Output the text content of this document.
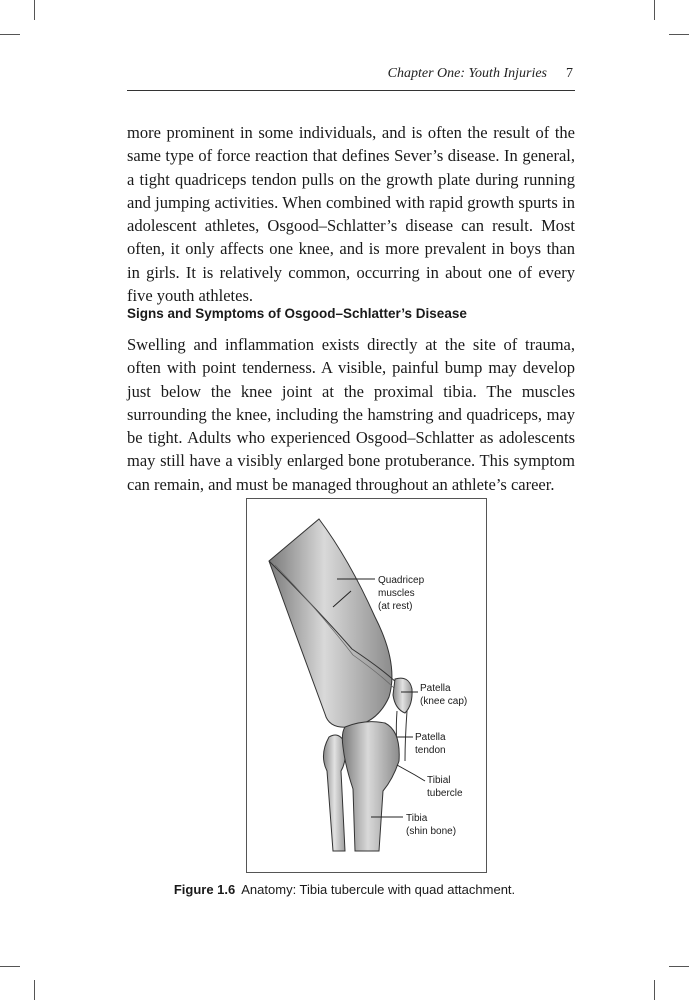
Chapter One: Youth Injuries 7

more prominent in some individuals, and is often the result of the same type of force reaction that defines Sever’s disease. In general, a tight quadriceps tendon pulls on the growth plate during running and jumping activities. When combined with rapid growth spurts in adolescent athletes, Osgood–Schlatter’s disease can result. Most often, it only affects one knee, and is more prevalent in boys than in girls. It is relatively common, occurring in about one of every five youth athletes.

Signs and Symptoms of Osgood–Schlatter’s Disease

Swelling and inflammation exists directly at the site of trauma, often with point tenderness. A visible, painful bump may develop just below the knee joint at the proximal tibia. The muscles surrounding the knee, including the hamstring and quadriceps, may be tight. Adults who experienced Osgood–Schlatter as adolescents may still have a visibly enlarged bone protuberance. This symptom can remain, and must be managed throughout an athlete’s career.

Quadricep
muscles
(at rest)
Patella
(knee cap)
Patella
tendon
Tibial
tubercle
Tibia
(shin bone)
Figure 1.6 Anatomy: Tibia tubercule with quad attachment.
